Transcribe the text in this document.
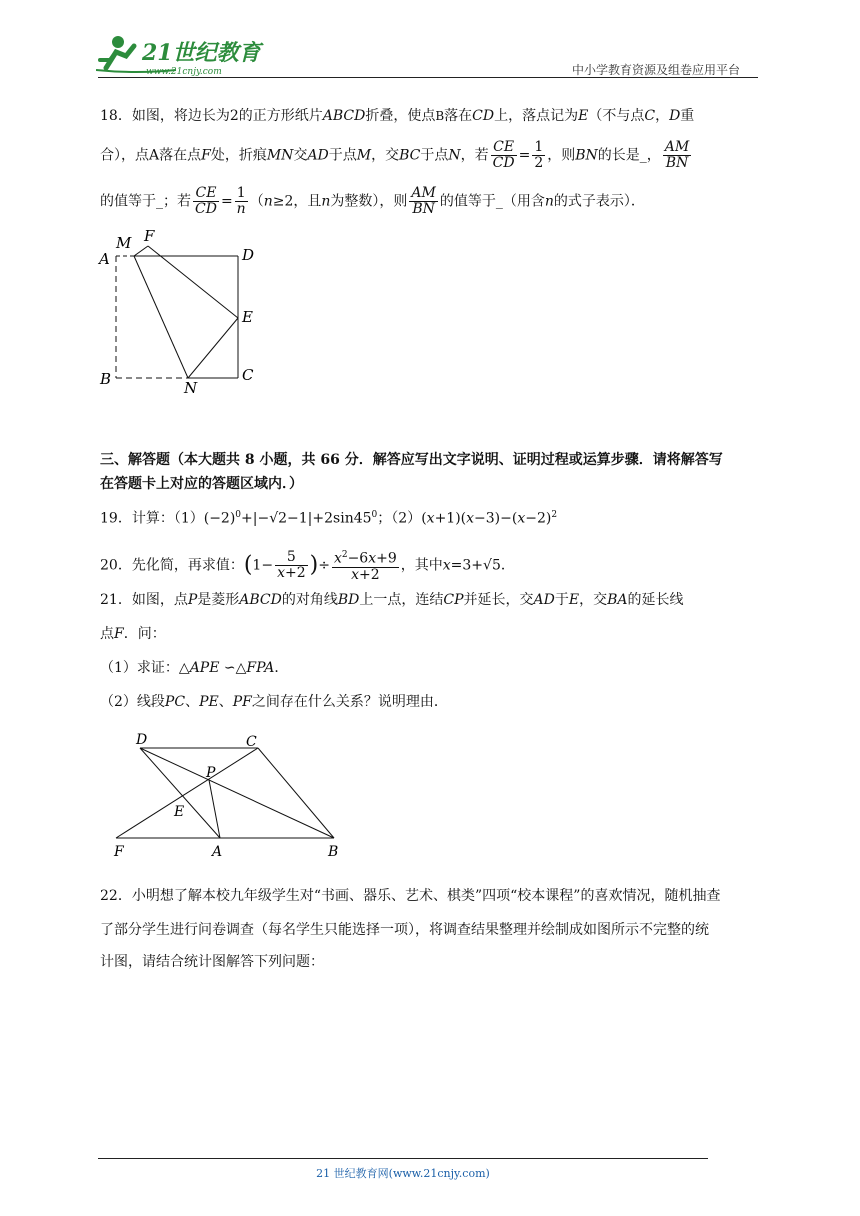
21世纪教育
www.21cnjy.com	中小学教育资源及组卷应用平台
18．如图，将边长为2的正方形纸片ABCD折叠，使点B落在CD上，落点记为E（不与点C，D重
合），点A落在点F处，折痕MN交AD于点M，交BC于点N，若 $\frac{CE}{CD} = \frac{1}{2}$ ，则BN的长是_， $\frac{AM}{BN}$
的值等于_；若 $\frac{CE}{CD} = \frac{1}{n} (n\ge 2$，且n为整数），则 $\frac{AM}{BN}$ 的值等于_（用含n的式子表示）．
M F
A	D
E
B	N
C
三、解答题（本大题共 8 小题，共 66 分．解答应写出文字说明、证明过程或运算步骤．请将解答写
在答题卡上对应的答题区域内．）
19．计算：$(1)(-2)^0+|-√2-1|+2\sin 45^0$；$(2)(x+1)(x-3)-(x-2)^2$
20．先化简，再求值：($1- \frac{5}{x+2}$ )÷ $\frac{x^2-6x+9}{x+2}$ ，其中x=3+√5．
21．如图，点P是菱形ABCD的对角线BD上一点，连结CP并延长，交AD于E，交BA的延长线
点F．问：
（1）求证：△APE ∽△FPA．
（2）线段PC、PE、PF之间存在什么关系？说明理由．
D	C
P
E
F	A	B
22．小明想了解本校九年级学生对“书画、器乐、艺术、棋类”四项“校本课程”的喜欢情况，随机抽查
了部分学生进行问卷调查（每名学生只能选择一项），将调查结果整理并绘制成如图所示不完整的统
计图，请结合统计图解答下列问题：
21 世纪教育网(www.21cnjy.com)
